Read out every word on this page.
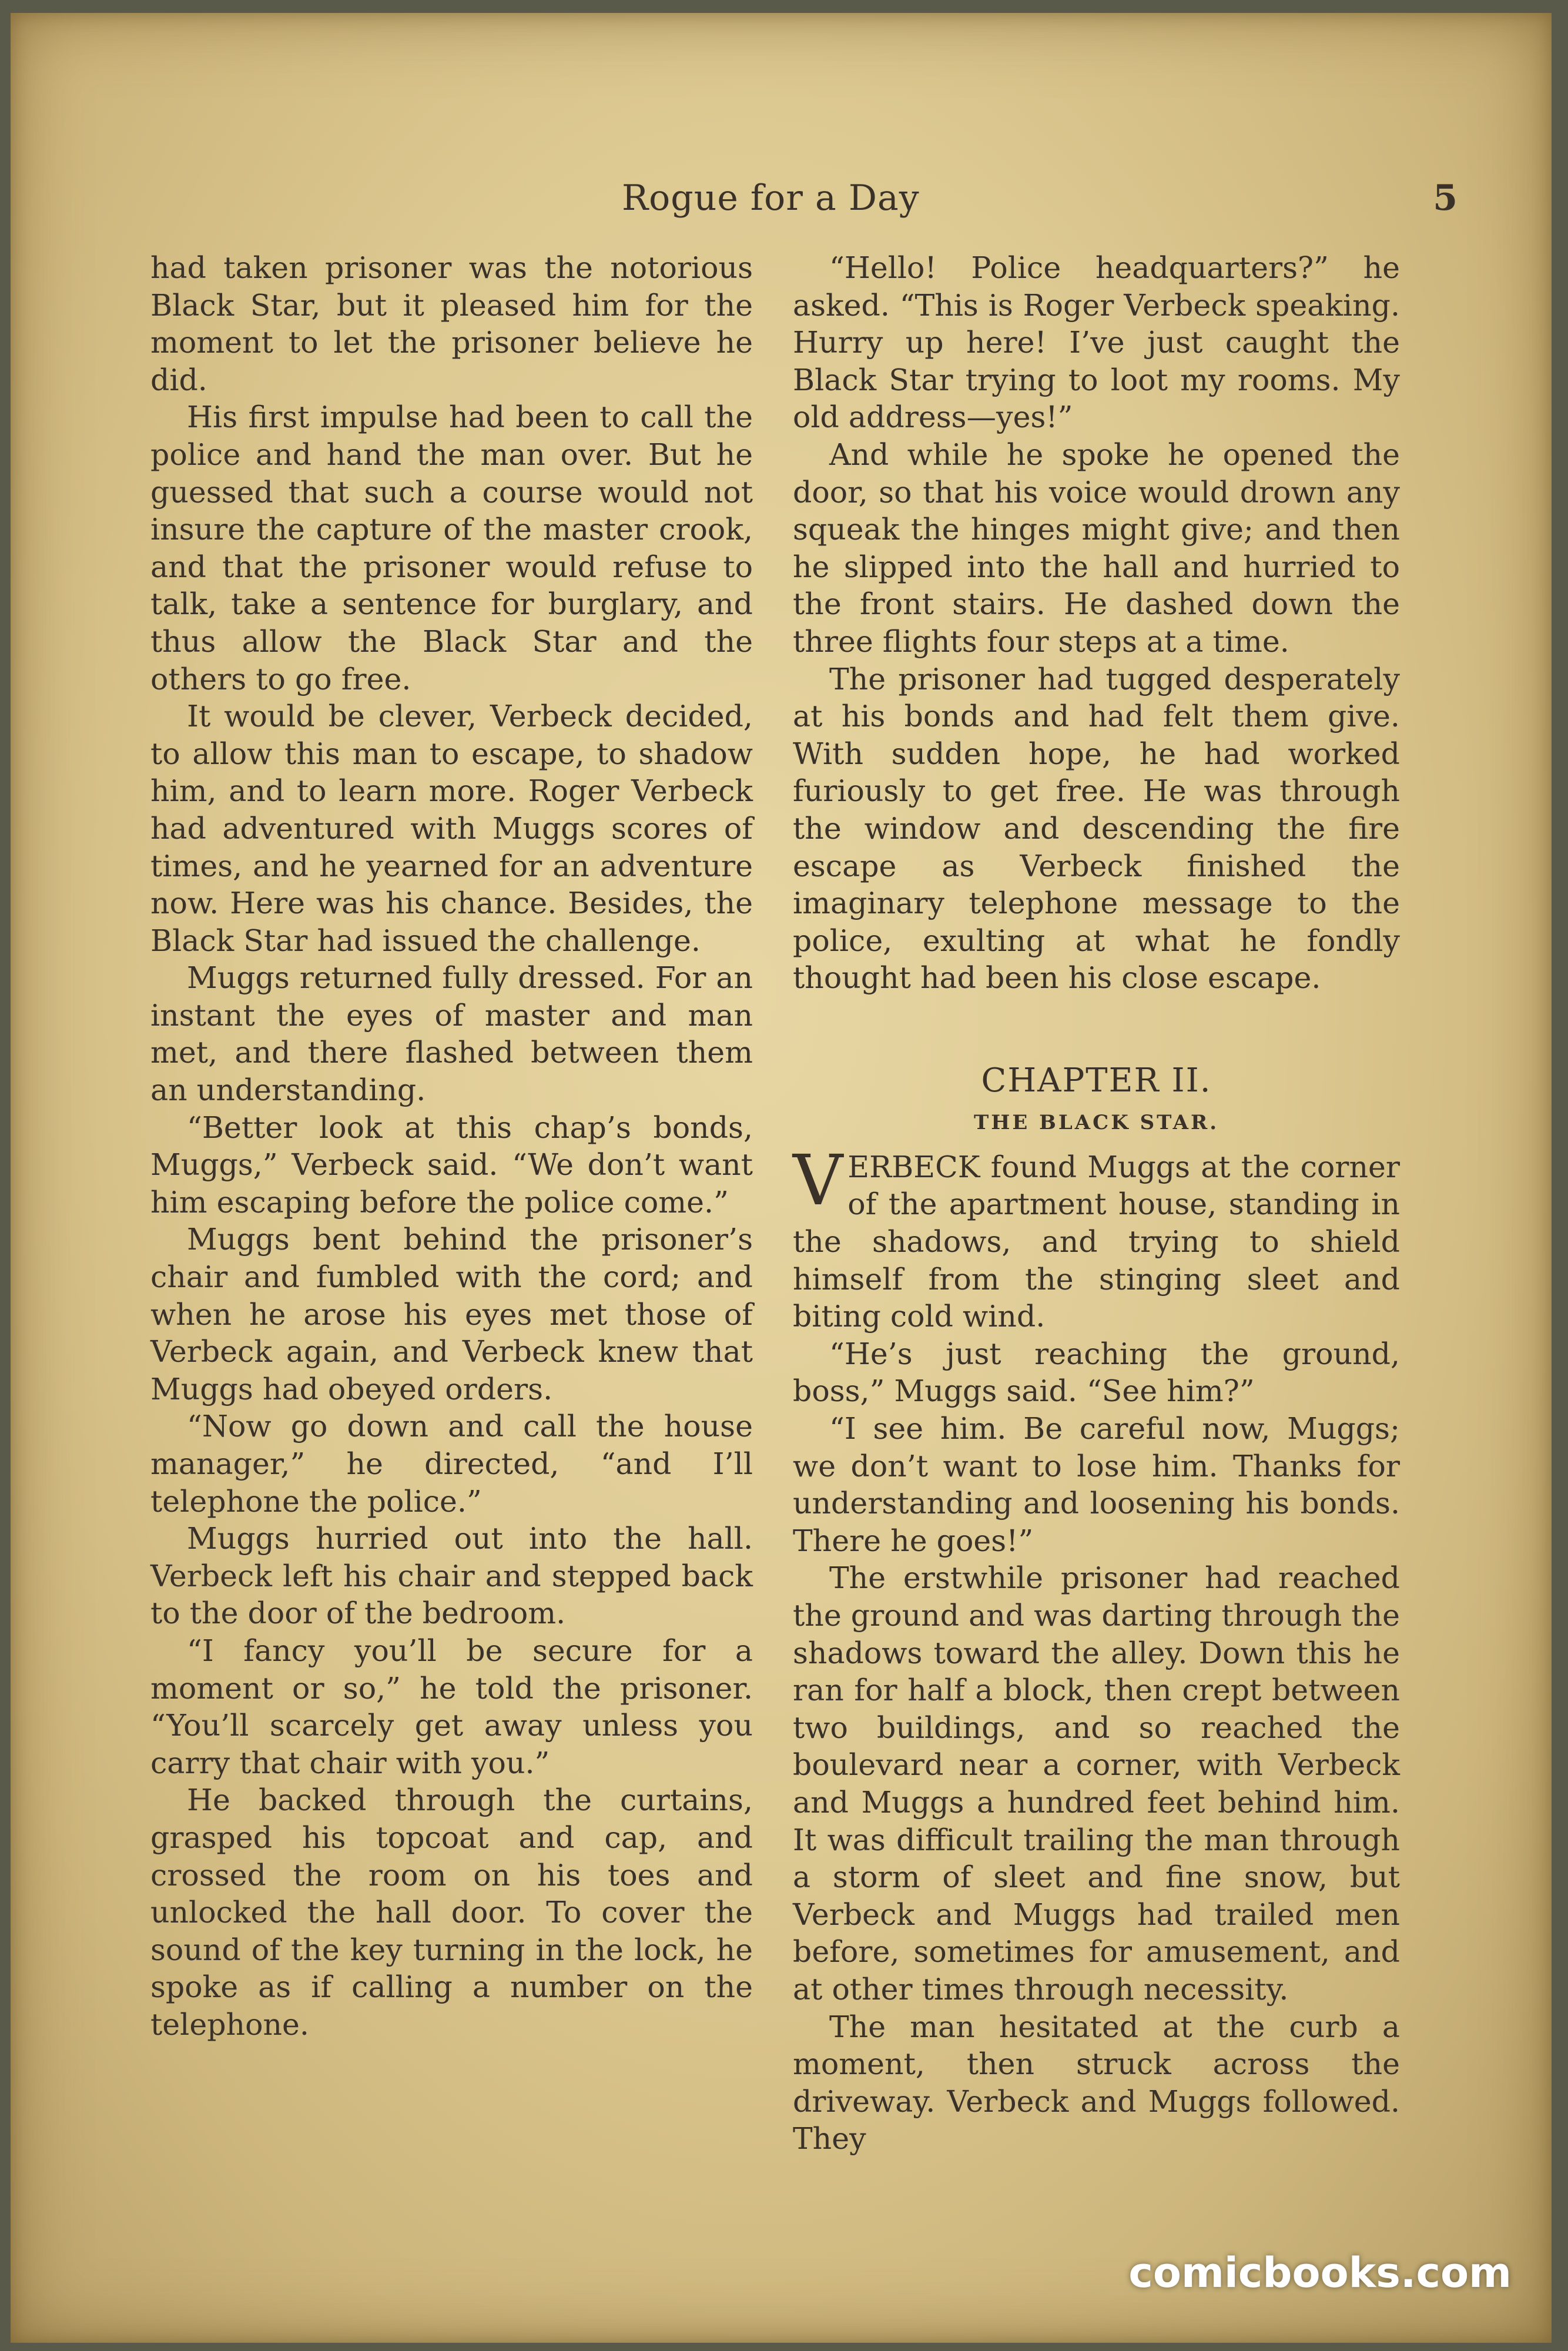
Rogue for a Day	5

had taken prisoner was the notorious Black Star, but it pleased him for the moment to let the prisoner believe he did.

His first impulse had been to call the police and hand the man over. But he guessed that such a course would not insure the capture of the master crook, and that the prisoner would refuse to talk, take a sentence for burglary, and thus allow the Black Star and the others to go free.

It would be clever, Verbeck decided, to allow this man to escape, to shadow him, and to learn more. Roger Verbeck had adventured with Muggs scores of times, and he yearned for an adventure now. Here was his chance. Besides, the Black Star had issued the challenge.

Muggs returned fully dressed. For an instant the eyes of master and man met, and there flashed between them an understanding.

“Better look at this chap’s bonds, Muggs,” Verbeck said. “We don’t want him escaping before the police come.”

Muggs bent behind the prisoner’s chair and fumbled with the cord; and when he arose his eyes met those of Verbeck again, and Verbeck knew that Muggs had obeyed orders.

“Now go down and call the house manager,” he directed, “and I’ll telephone the police.”

Muggs hurried out into the hall. Verbeck left his chair and stepped back to the door of the bedroom.

“I fancy you’ll be secure for a moment or so,” he told the prisoner. “You’ll scarcely get away unless you carry that chair with you.”

He backed through the curtains, grasped his topcoat and cap, and crossed the room on his toes and unlocked the hall door. To cover the sound of the key turning in the lock, he spoke as if calling a number on the telephone.

“Hello! Police headquarters?” he asked. “This is Roger Verbeck speaking. Hurry up here! I’ve just caught the Black Star trying to loot my rooms. My old address—yes!”

And while he spoke he opened the door, so that his voice would drown any squeak the hinges might give; and then he slipped into the hall and hurried to the front stairs. He dashed down the three flights four steps at a time.

The prisoner had tugged desperately at his bonds and had felt them give. With sudden hope, he had worked furiously to get free. He was through the window and descending the fire escape as Verbeck finished the imaginary telephone message to the police, exulting at what he fondly thought had been his close escape.

CHAPTER II.
THE BLACK STAR.

VERBECK found Muggs at the corner of the apartment house, standing in the shadows, and trying to shield himself from the stinging sleet and biting cold wind.

“He’s just reaching the ground, boss,” Muggs said. “See him?”

“I see him. Be careful now, Muggs; we don’t want to lose him. Thanks for understanding and loosening his bonds. There he goes!”

The erstwhile prisoner had reached the ground and was darting through the shadows toward the alley. Down this he ran for half a block, then crept between two buildings, and so reached the boulevard near a corner, with Verbeck and Muggs a hundred feet behind him. It was difficult trailing the man through a storm of sleet and fine snow, but Verbeck and Muggs had trailed men before, sometimes for amusement, and at other times through necessity.

The man hesitated at the curb a moment, then struck across the driveway. Verbeck and Muggs followed. They

comicbooks.com
